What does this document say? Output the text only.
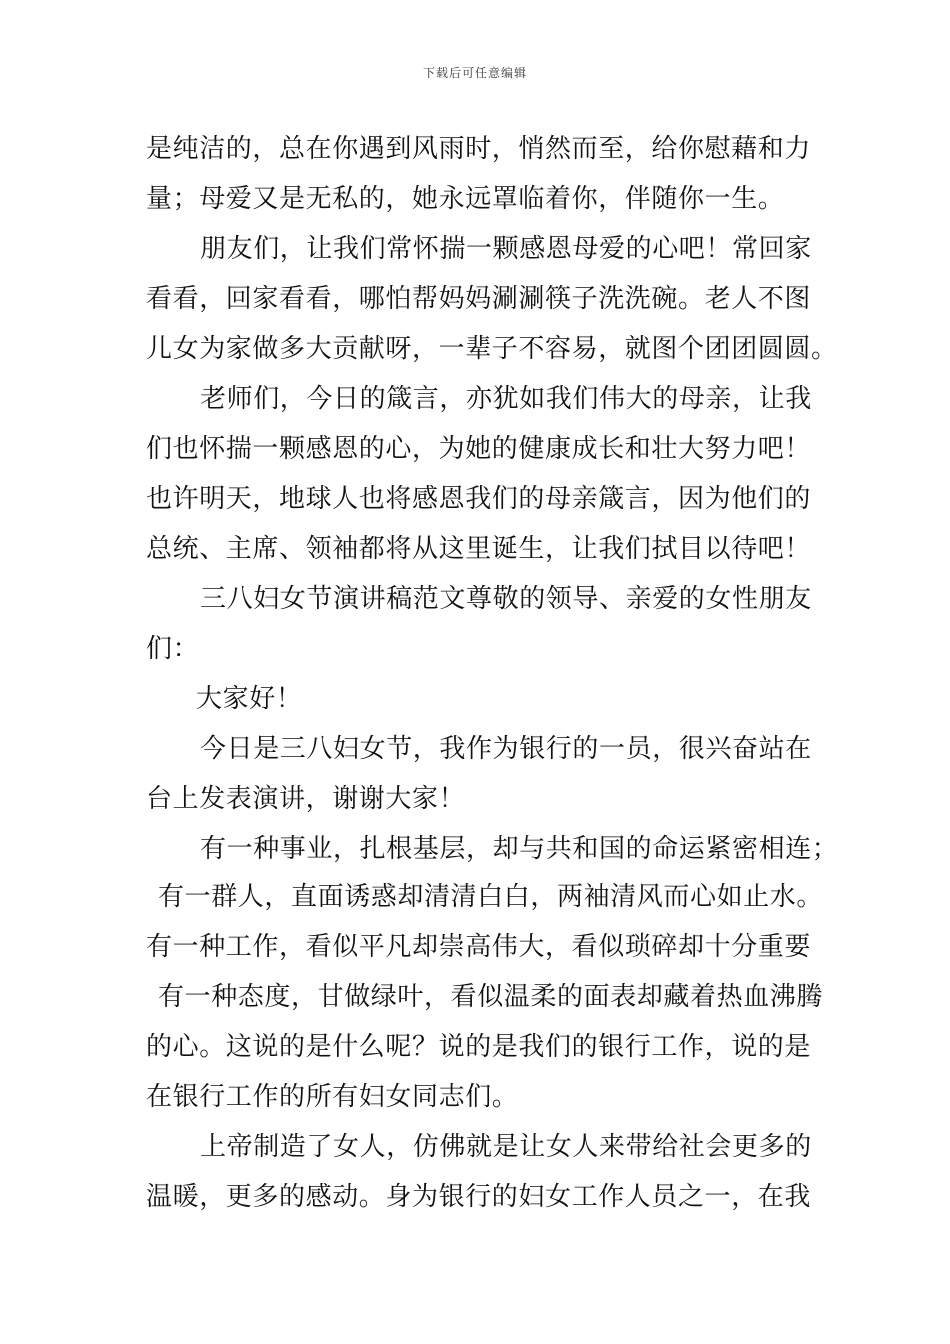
下载后可任意编辑
是纯洁的，总在你遇到风雨时，悄然而至，给你慰藉和力
量；母爱又是无私的，她永远罩临着你，伴随你一生。
朋友们，让我们常怀揣一颗感恩母爱的心吧！常回家
看看，回家看看，哪怕帮妈妈涮涮筷子洗洗碗。老人不图
儿女为家做多大贡献呀，一辈子不容易，就图个团团圆圆。
老师们，今日的箴言，亦犹如我们伟大的母亲，让我
们也怀揣一颗感恩的心，为她的健康成长和壮大努力吧！
也许明天，地球人也将感恩我们的母亲箴言，因为他们的
总统、主席、领袖都将从这里诞生，让我们拭目以待吧！
三八妇女节演讲稿范文尊敬的领导、亲爱的女性朋友
们：
大家好！
今日是三八妇女节，我作为银行的一员，很兴奋站在
台上发表演讲，谢谢大家！
有一种事业，扎根基层，却与共和国的命运紧密相连；
有一群人，直面诱惑却清清白白，两袖清风而心如止水。
有一种工作，看似平凡却崇高伟大，看似琐碎却十分重要
有一种态度，甘做绿叶，看似温柔的面表却藏着热血沸腾
的心。这说的是什么呢？说的是我们的银行工作，说的是
在银行工作的所有妇女同志们。
上帝制造了女人，仿佛就是让女人来带给社会更多的
温暖，更多的感动。身为银行的妇女工作人员之一，在我
